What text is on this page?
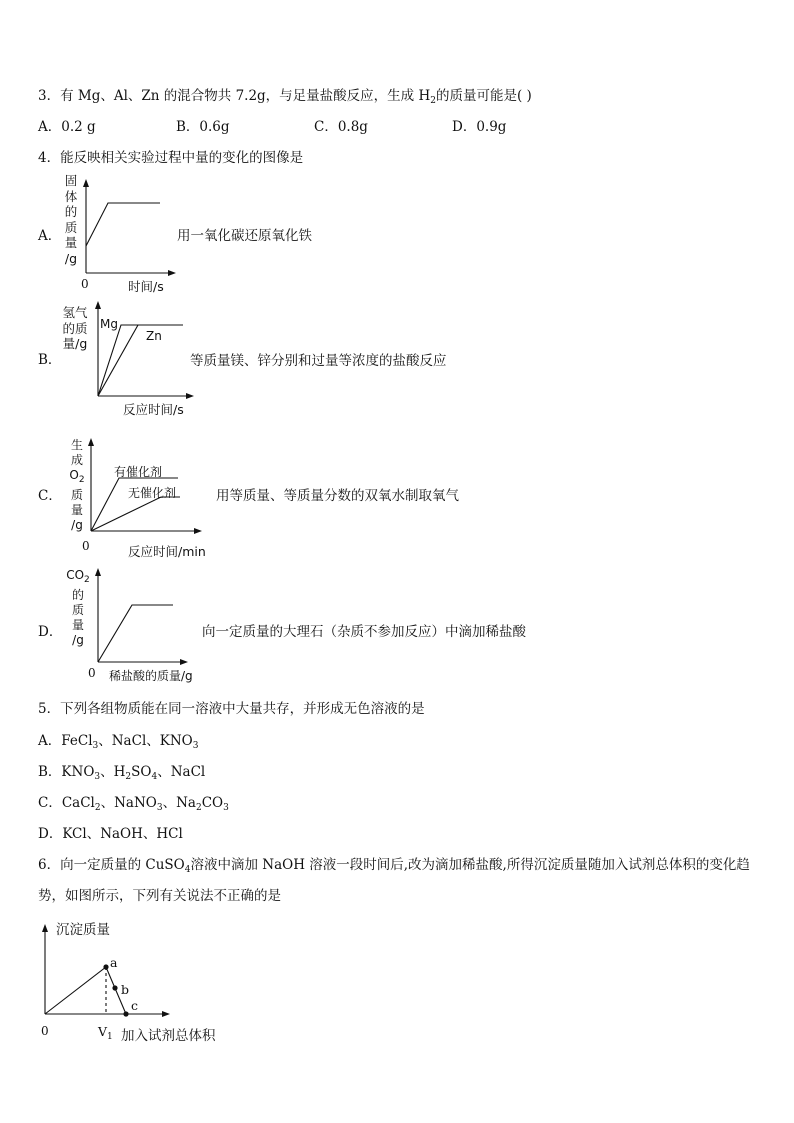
3．有 Mg、Al、Zn 的混合物共 7.2g，与足量盐酸反应，生成 $H_2$的质量可能是( )
A．0.2 g	B．0.6g	C．0.8g	D．0.9g
4．能反映相关实验过程中量的变化的图像是
A．
固
体
的
质
量
/g
0	时间/s
用一氧化碳还原氧化铁
B．
氢气
的质
量/g
Mg
Zn
反应时间/s
等质量镁、锌分别和过量等浓度的盐酸反应
C．
生
成
$O_2$
质
量
/g
有催化剂
无催化剂
0	反应时间/min
用等质量、等质量分数的双氧水制取氧气
D．
$CO_2$
的
质
量
/g
0 稀盐酸的质量/g
向一定质量的大理石（杂质不参加反应）中滴加稀盐酸
5．下列各组物质能在同一溶液中大量共存，并形成无色溶液的是
A．FeCl$_3$、NaCl、$KNO_3$
B．$KNO_3$、$H_2SO_4$、NaCl
C．CaCl$_2$、NaNO$_3$、$Na_2CO_3$
D．KCl、NaOH、HCl
6．向一定质量的 CuSO$_4$溶液中滴加 NaOH 溶液一段时间后,改为滴加稀盐酸,所得沉淀质量随加入试剂总体积的变化趋
势，如图所示，下列有关说法不正确的是
沉淀质量
a
b
c
0	$V_1$ 加入试剂总体积
